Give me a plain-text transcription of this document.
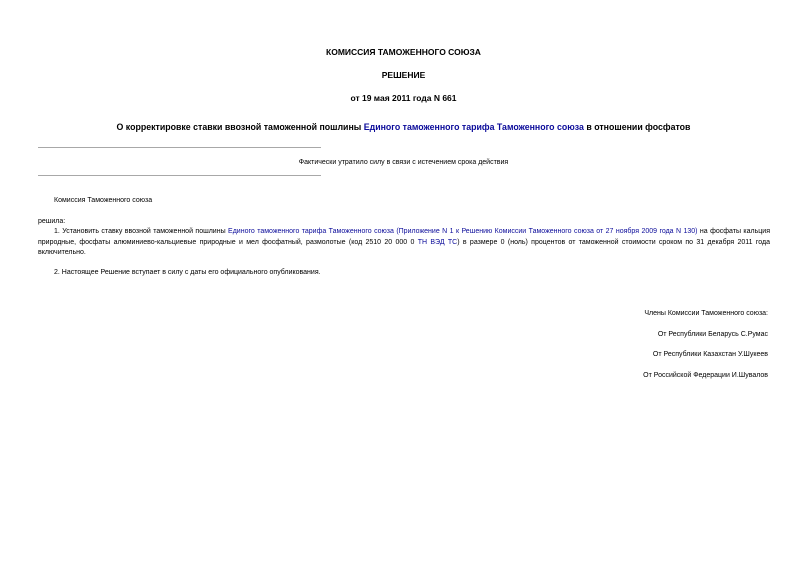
КОМИССИЯ ТАМОЖЕННОГО СОЮЗА
РЕШЕНИЕ
от 19 мая 2011 года N 661
О корректировке ставки ввозной таможенной пошлины Единого таможенного тарифа Таможенного союза в отношении фосфатов
Фактически утратило силу в связи с истечением срока действия
Комиссия Таможенного союза
решила:
1. Установить ставку ввозной таможенной пошлины Единого таможенного тарифа Таможенного союза (Приложение N 1 к Решению Комиссии Таможенного союза от 27 ноября 2009 года N 130) на фосфаты кальция природные, фосфаты алюминиево-кальциевые природные и мел фосфатный, размолотые (код 2510 20 000 0 ТН ВЭД ТС) в размере 0 (ноль) процентов от таможенной стоимости сроком по 31 декабря 2011 года включительно.
2. Настоящее Решение вступает в силу с даты его официального опубликования.
Члены Комиссии Таможенного союза:
От Республики Беларусь С.Румас
От Республики Казахстан У.Шукеев
От Российской Федерации И.Шувалов
